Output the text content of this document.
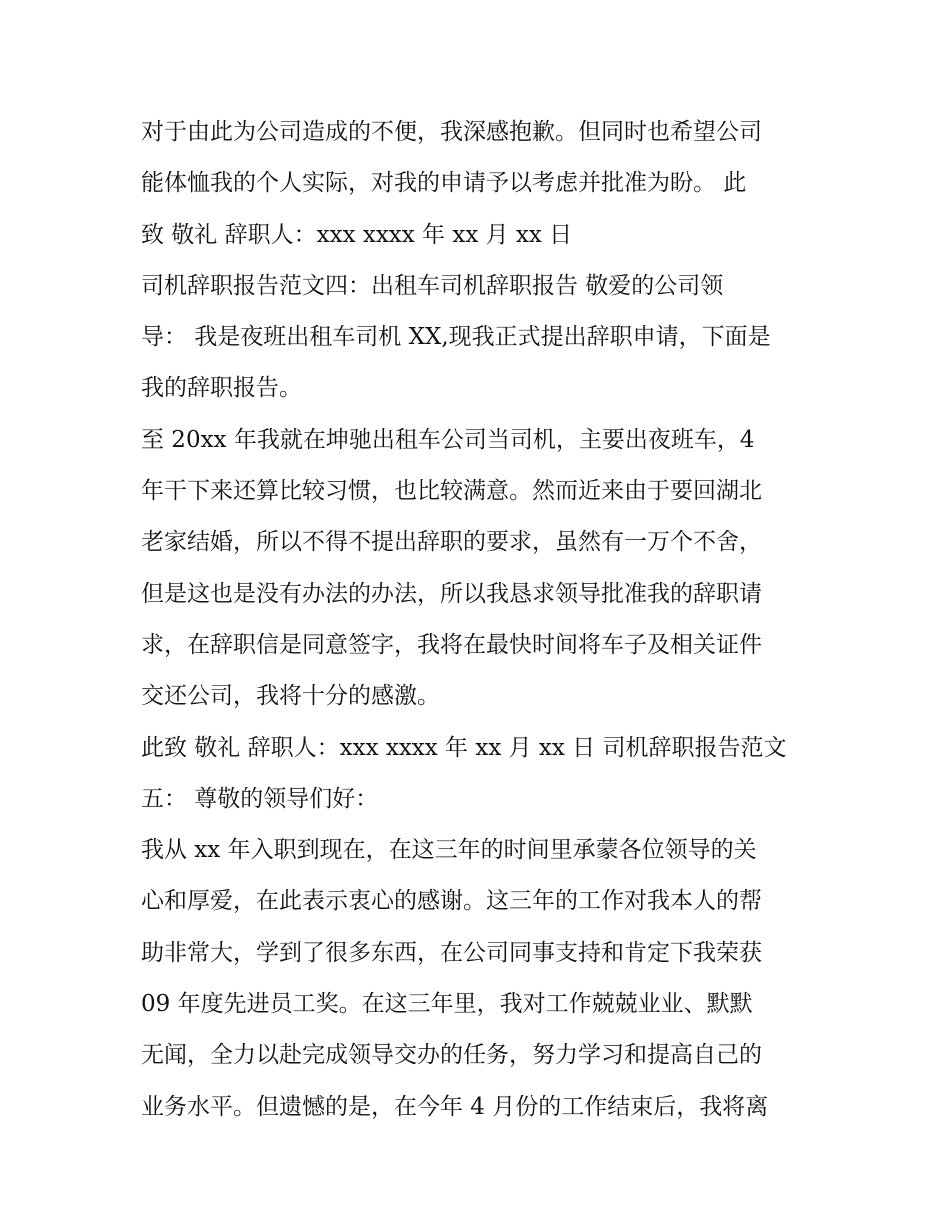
对于由此为公司造成的不便，我深感抱歉。但同时也希望公司
能体恤我的个人实际，对我的申请予以考虑并批准为盼。 此
致 敬礼 辞职人：xxx xxxx 年 xx 月 xx 日
司机辞职报告范文四：出租车司机辞职报告 敬爱的公司领
导： 我是夜班出租车司机 XX,现我正式提出辞职申请，下面是
我的辞职报告。
至 20xx 年我就在坤驰出租车公司当司机，主要出夜班车，4
年干下来还算比较习惯，也比较满意。然而近来由于要回湖北
老家结婚，所以不得不提出辞职的要求，虽然有一万个不舍，
但是这也是没有办法的办法，所以我恳求领导批准我的辞职请
求，在辞职信是同意签字，我将在最快时间将车子及相关证件
交还公司，我将十分的感激。
此致 敬礼 辞职人：xxx xxxx 年 xx 月 xx 日 司机辞职报告范文
五： 尊敬的领导们好：
我从 xx 年入职到现在，在这三年的时间里承蒙各位领导的关
心和厚爱，在此表示衷心的感谢。这三年的工作对我本人的帮
助非常大，学到了很多东西，在公司同事支持和肯定下我荣获
09 年度先进员工奖。在这三年里，我对工作兢兢业业、默默
无闻，全力以赴完成领导交办的任务，努力学习和提高自己的
业务水平。但遗憾的是，在今年 4 月份的工作结束后，我将离
